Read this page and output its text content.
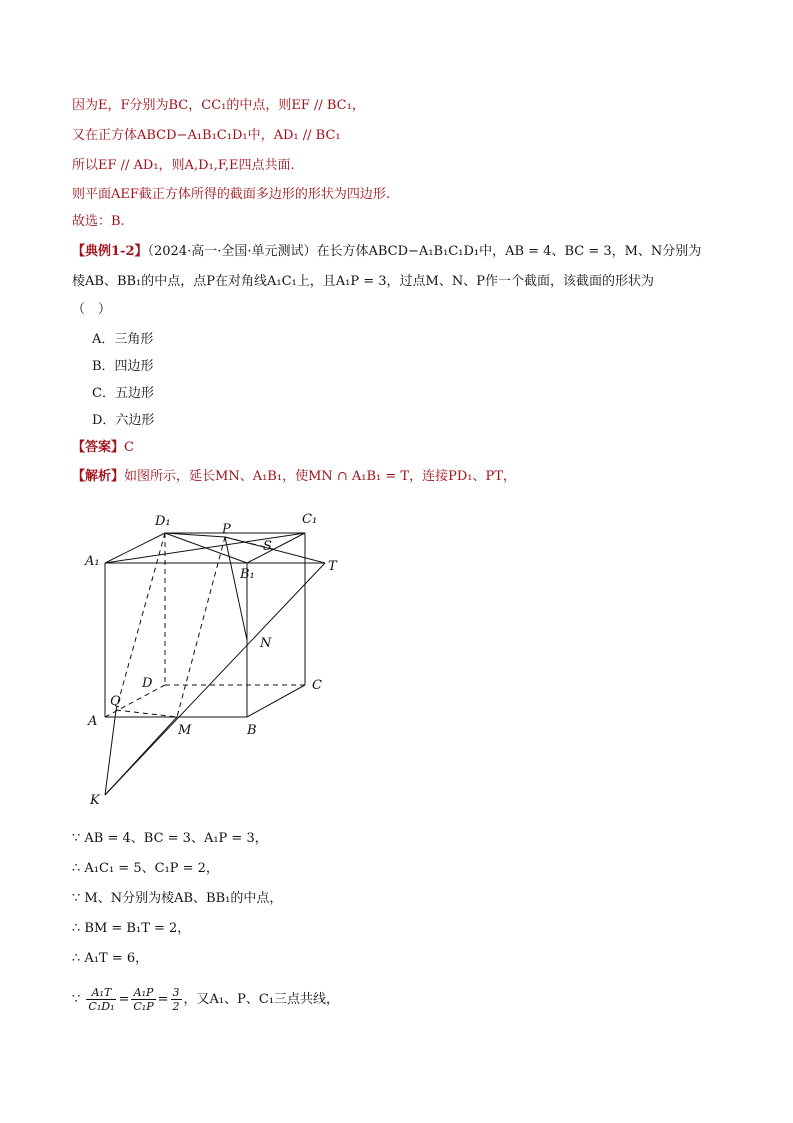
因为E，F分别为BC，CC₁的中点，则EF // BC₁，
又在正方体ABCD−A₁B₁C₁D₁中，AD₁ // BC₁
所以EF // AD₁，则A,D₁,F,E四点共面.
则平面AEF截正方体所得的截面多边形的形状为四边形.
故选：B.
【典例1-2】（2024·高一·全国·单元测试）在长方体ABCD−A₁B₁C₁D₁中，AB = 4、BC = 3，M、N分别为
棱AB、BB₁的中点，点P在对角线A₁C₁上，且A₁P = 3，过点M、N、P作一个截面，该截面的形状为
（　）
A．三角形
B．四边形
C．五边形
D．六边形
【答案】C
【解析】如图所示，延长MN、A₁B₁，使MN ∩ A₁B₁ = T，连接PD₁、PT，
D₁	C₁
A₁
B₁
P
S
T
N
D	C
Q
A
M	B
K
∵ AB = 4、BC = 3、A₁P = 3，
∴ A₁C₁ = 5、C₁P = 2，
∵ M、N分别为棱AB、BB₁的中点，
∴ BM = B₁T = 2，
∴ A₁T = 6，
∵ $\frac{\text{A₁T}}{\text{C₁D₁}} = \frac{\text{A₁P}}{\text{C₁P}} = \frac{3}{2}$ ，又A₁、P、C₁三点共线，
